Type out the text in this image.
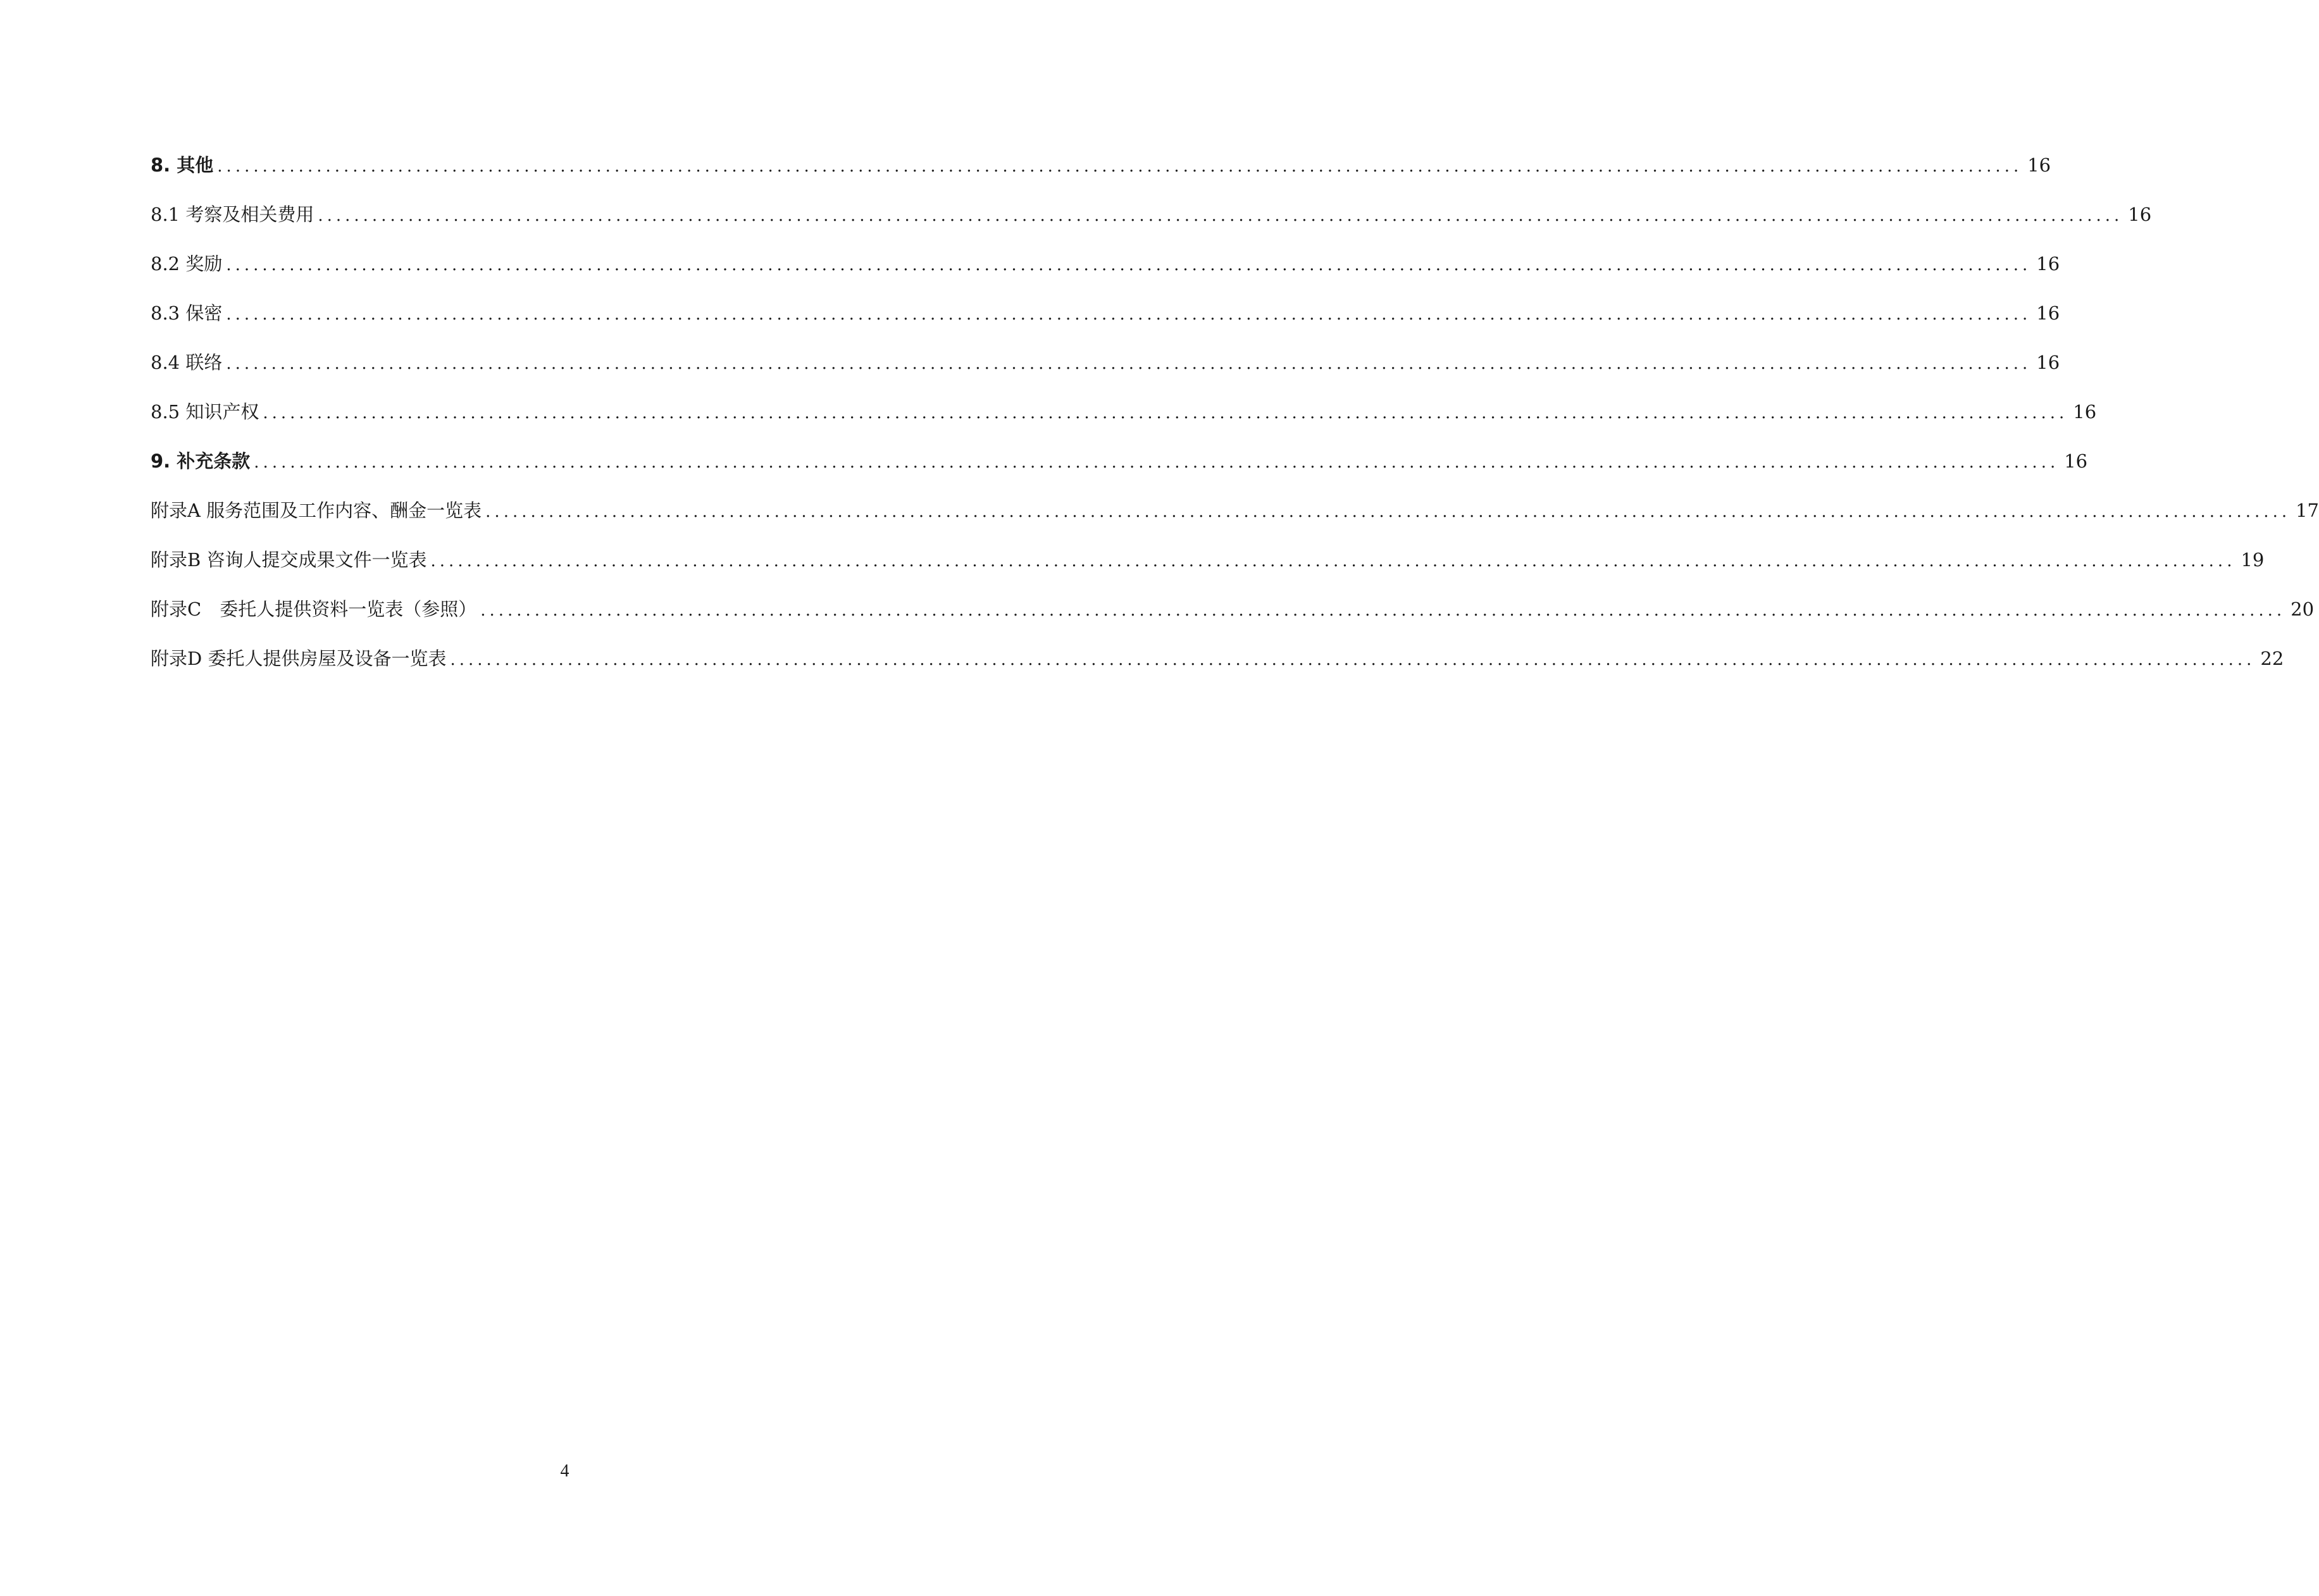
8. 其他 ........................................................................................................................................................................................................ 16
8.1 考察及相关费用 ........................................................................................................................................................................................................ 16
8.2 奖励 ........................................................................................................................................................................................................ 16
8.3 保密 ........................................................................................................................................................................................................ 16
8.4 联络 ........................................................................................................................................................................................................ 16
8.5 知识产权 ........................................................................................................................................................................................................ 16
9. 补充条款 ........................................................................................................................................................................................................ 16
附录A 服务范围及工作内容、酬金一览表 ........................................................................................................................................................................................................ 17
附录B 咨询人提交成果文件一览表 ........................................................................................................................................................................................................ 19
附录C　委托人提供资料一览表（参照） ........................................................................................................................................................................................................ 20
附录D 委托人提供房屋及设备一览表 ........................................................................................................................................................................................................ 22
4
